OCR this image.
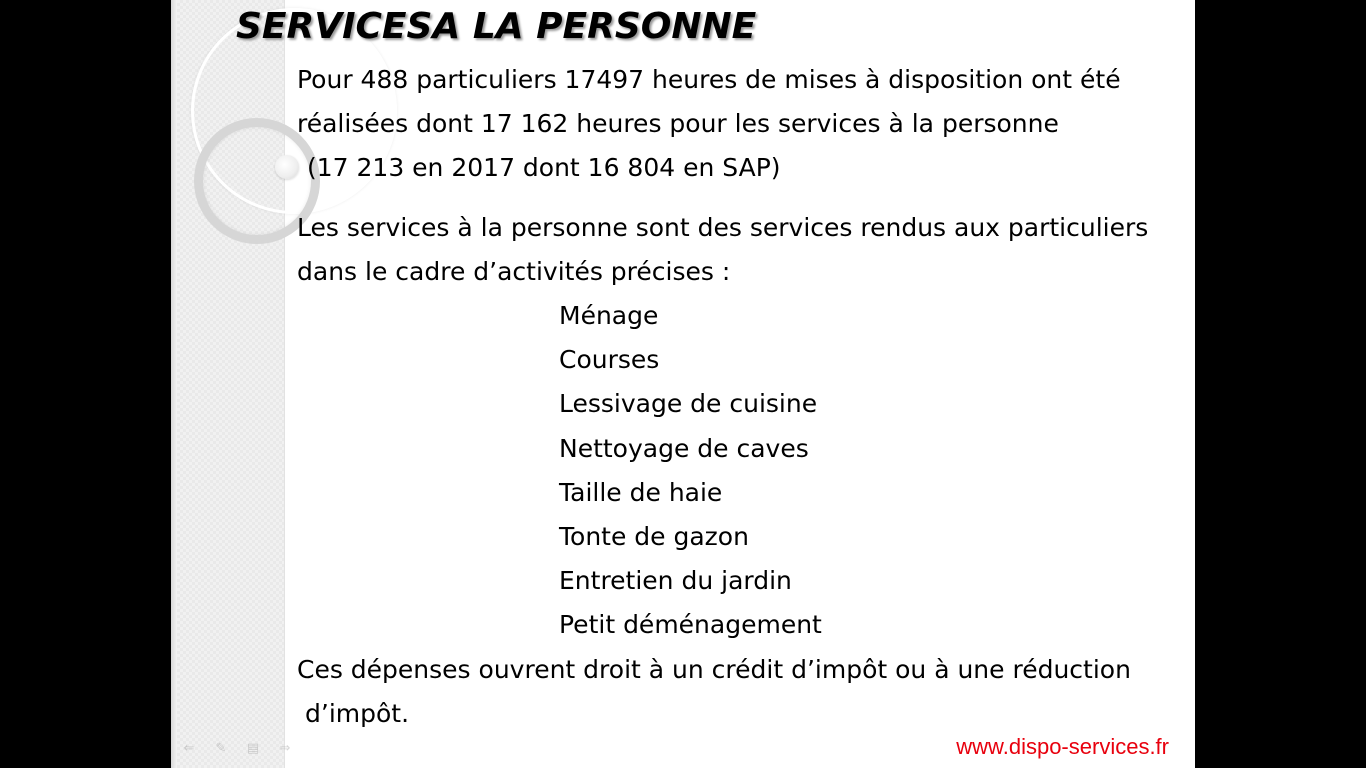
SERVICESA LA PERSONNE
Pour 488 particuliers 17497 heures de mises à disposition ont été
réalisées dont 17 162 heures pour les services à la personne
(17 213 en 2017 dont 16 804 en SAP)
Les services à la personne sont des services rendus aux particuliers
dans le cadre d’activités précises :
Ménage
Courses
Lessivage de cuisine
Nettoyage de caves
Taille de haie
Tonte de gazon
Entretien du jardin
Petit déménagement
Ces dépenses ouvrent droit à un crédit d’impôt ou à une réduction
d’impôt.
www.dispo-services.fr
⇐	✎	▤	⇒
